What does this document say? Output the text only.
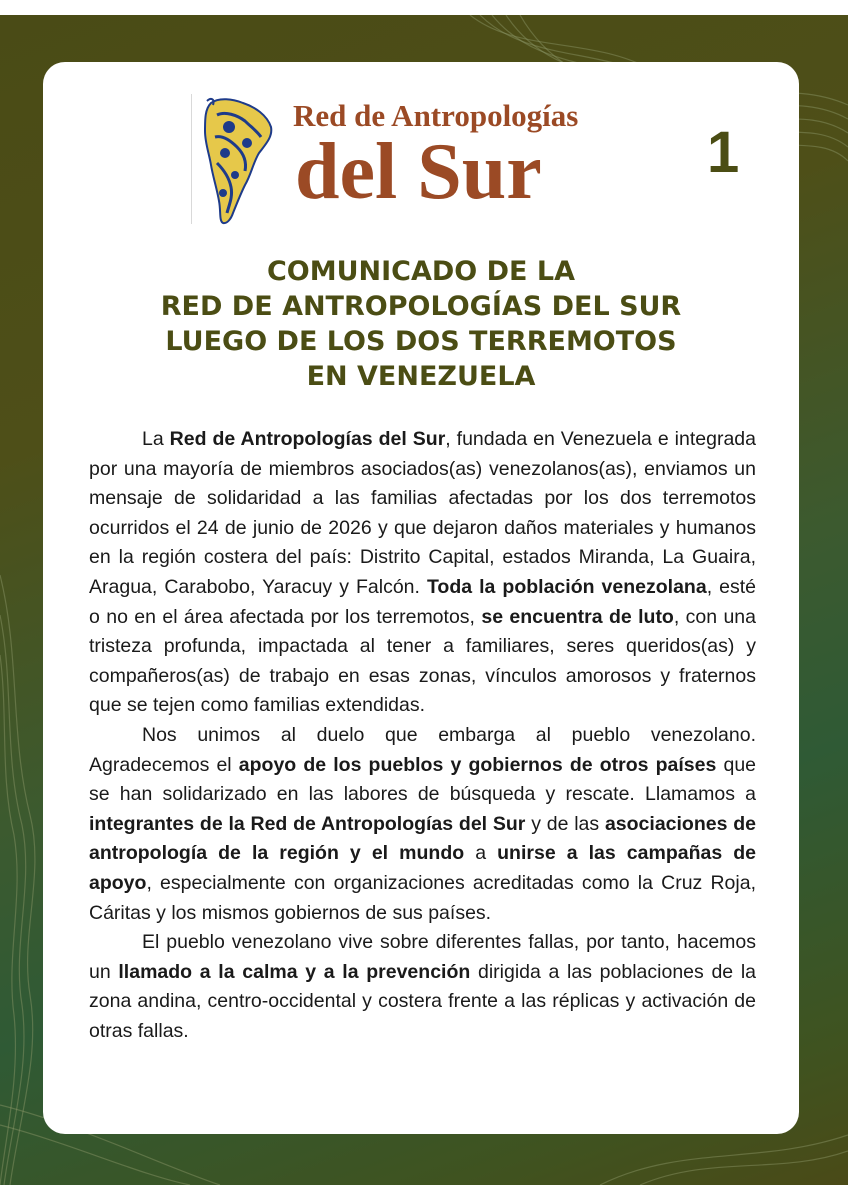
Red de Antropologías
del Sur	1
COMUNICADO DE LA
RED DE ANTROPOLOGÍAS DEL SUR
LUEGO DE LOS DOS TERREMOTOS
EN VENEZUELA

La Red de Antropologías del Sur, fundada en Venezuela e integrada por una mayoría de miembros asociados(as) venezolanos(as), enviamos un mensaje de solidaridad a las familias afectadas por los dos terremotos ocurridos el 24 de junio de 2026 y que dejaron daños materiales y humanos en la región costera del país: Distrito Capital, estados Miranda, La Guaira, Aragua, Carabobo, Yaracuy y Falcón. Toda la población venezolana, esté o no en el área afectada por los terremotos, se encuentra de luto, con una tristeza profunda, impactada al tener a familiares, seres queridos(as) y compañeros(as) de trabajo en esas zonas, vínculos amorosos y fraternos que se tejen como familias extendidas.

Nos unimos al duelo que embarga al pueblo venezolano. Agradecemos el apoyo de los pueblos y gobiernos de otros países que se han solidarizado en las labores de búsqueda y rescate. Llamamos a integrantes de la Red de Antropologías del Sur y de las asociaciones de antropología de la región y el mundo a unirse a las campañas de apoyo, especialmente con organizaciones acreditadas como la Cruz Roja, Cáritas y los mismos gobiernos de sus países.

El pueblo venezolano vive sobre diferentes fallas, por tanto, hacemos un llamado a la calma y a la prevención dirigida a las poblaciones de la zona andina, centro-occidental y costera frente a las réplicas y activación de otras fallas.
